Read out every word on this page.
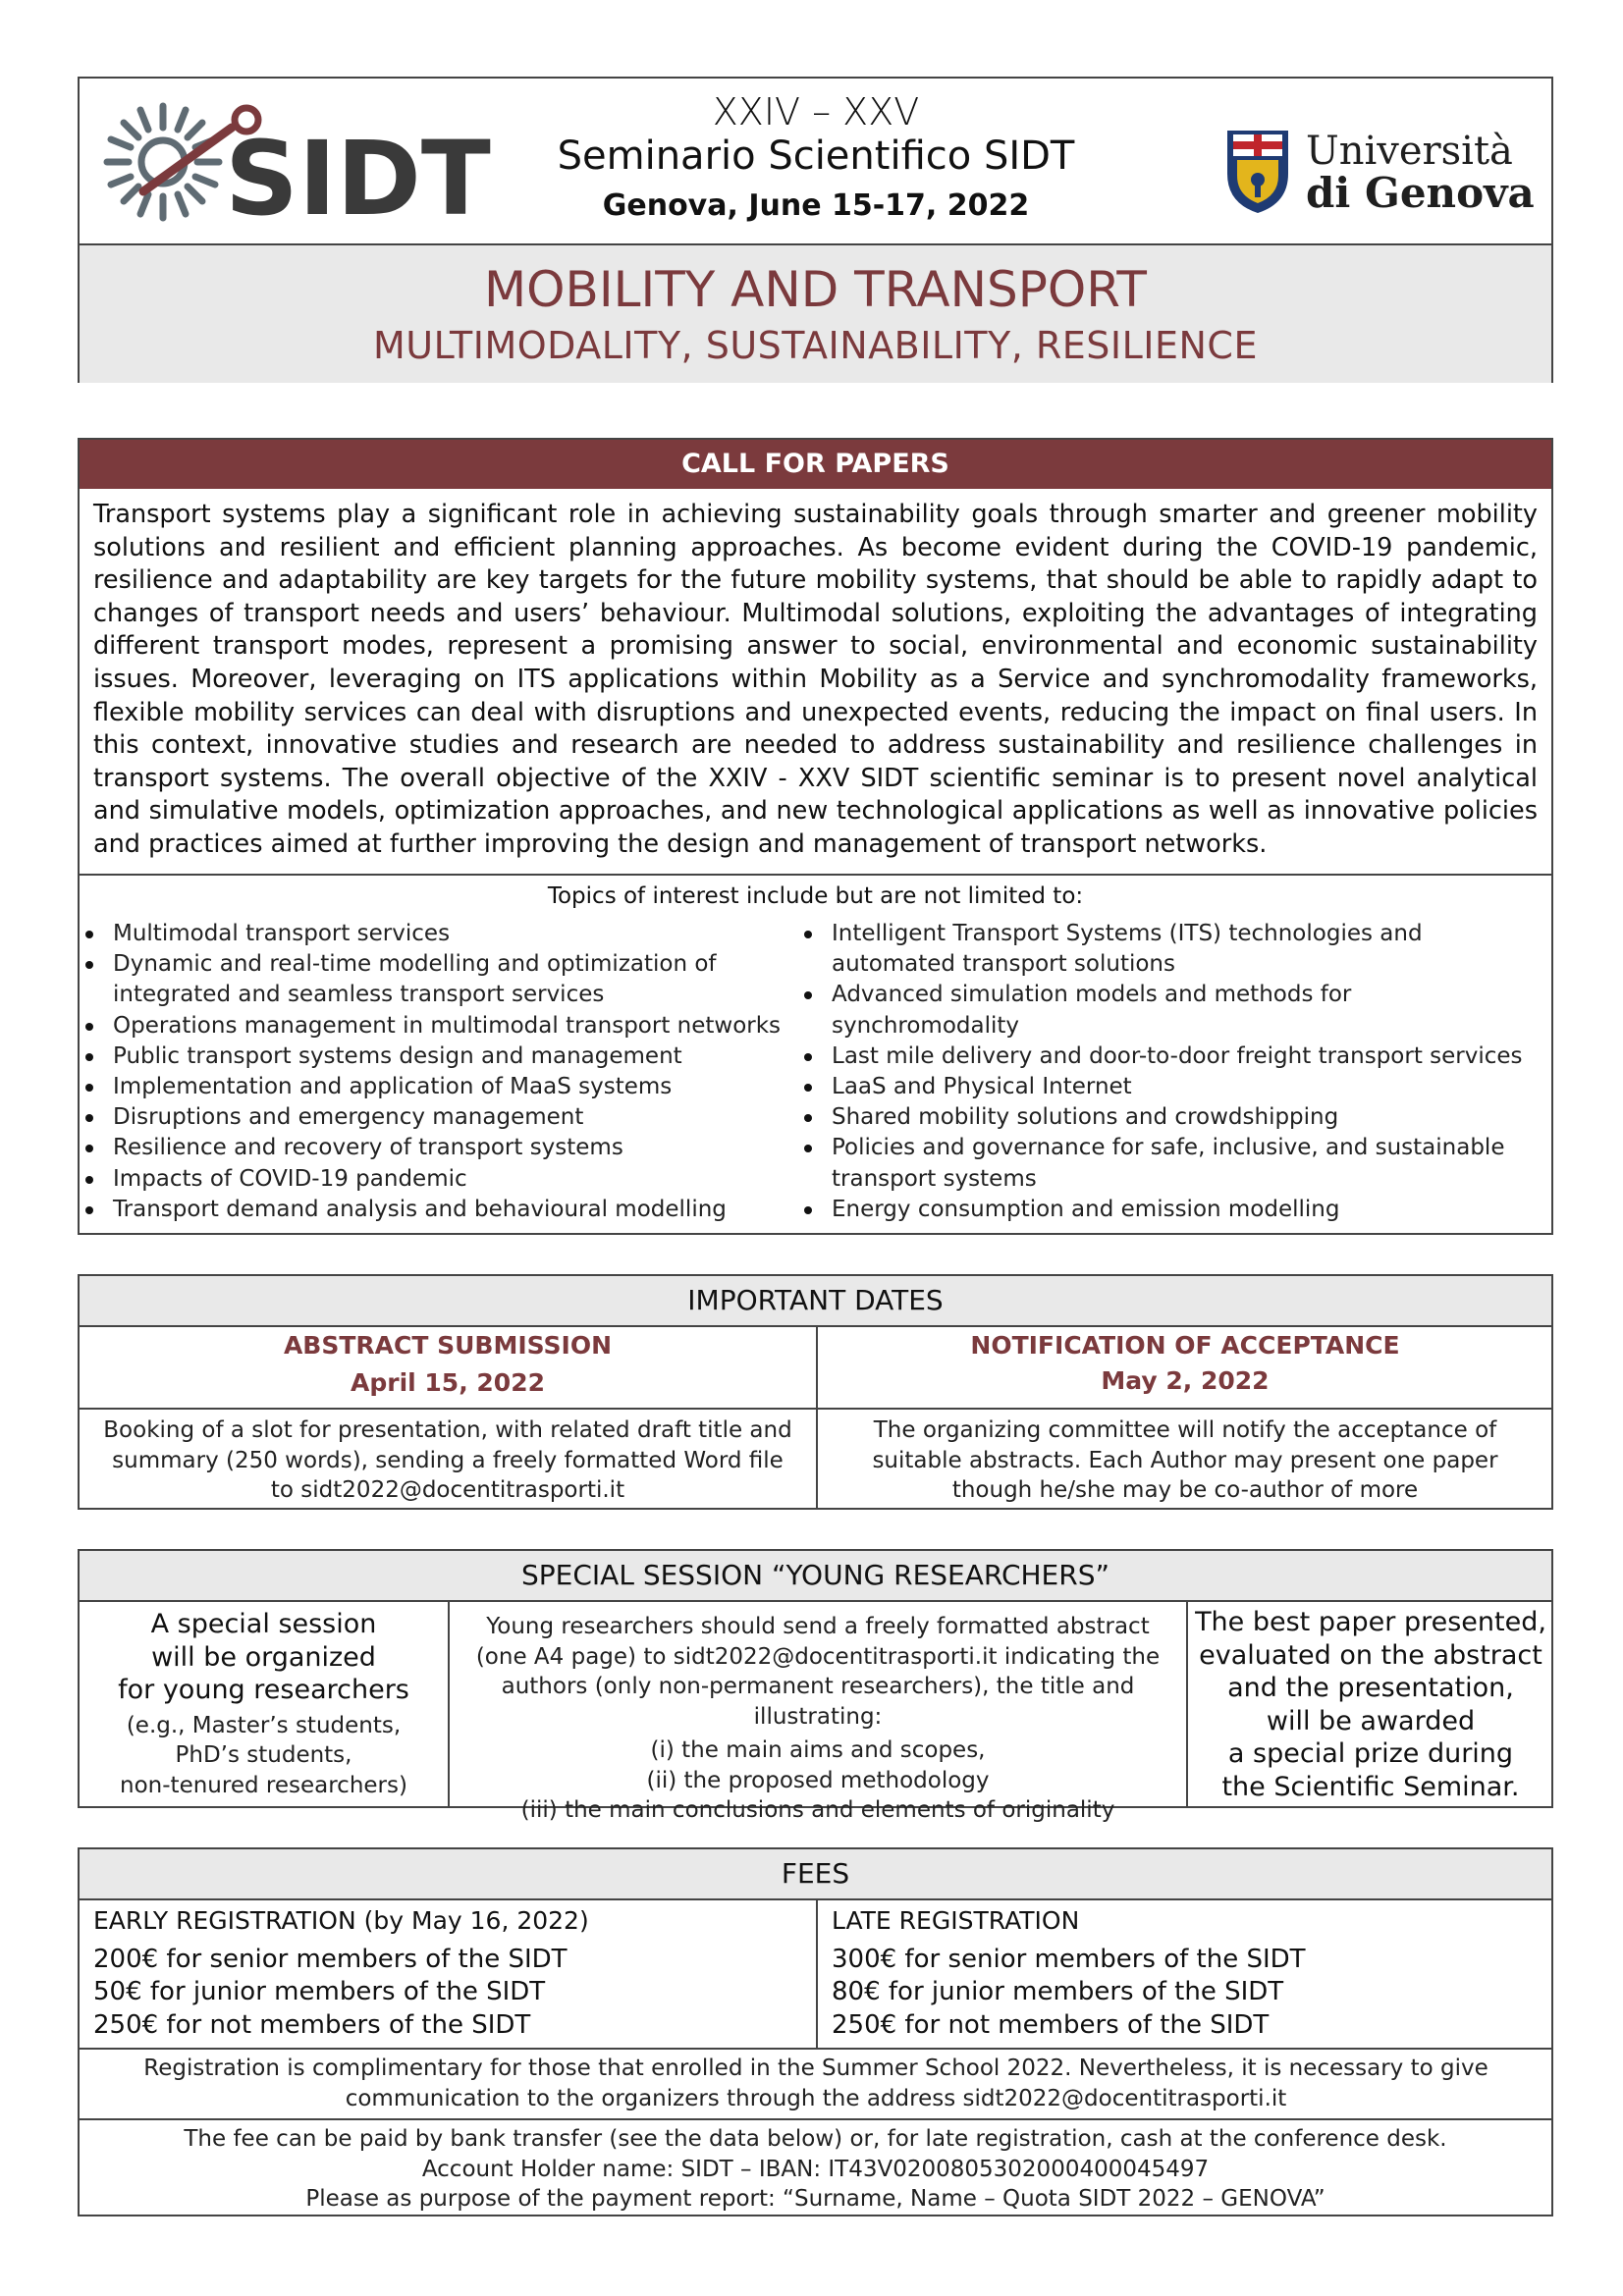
SIDT
XXIV – XXV
Seminario Scientifico SIDT
Genova, June 15-17, 2022
Università
di Genova
MOBILITY AND TRANSPORT
MULTIMODALITY, SUSTAINABILITY, RESILIENCE
CALL FOR PAPERS
Transport systems play a significant role in achieving sustainability goals through smarter and greener mobility solutions and resilient and efficient planning approaches. As become evident during the COVID-19 pandemic, resilience and adaptability are key targets for the future mobility systems, that should be able to rapidly adapt to changes of transport needs and users’ behaviour. Multimodal solutions, exploiting the advantages of integrating different transport modes, represent a promising answer to social, environmental and economic sustainability issues. Moreover, leveraging on ITS applications within Mobility as a Service and synchromodality frameworks, flexible mobility services can deal with disruptions and unexpected events, reducing the impact on final users. In this context, innovative studies and research are needed to address sustainability and resilience challenges in transport systems. The overall objective of the XXIV - XXV SIDT scientific seminar is to present novel analytical and simulative models, optimization approaches, and new technological applications as well as innovative policies and practices aimed at further improving the design and management of transport networks.
Topics of interest include but are not limited to:
Multimodal transport services
Dynamic and real-time modelling and optimization of integrated and seamless transport services
Operations management in multimodal transport networks
Public transport systems design and management
Implementation and application of MaaS systems
Disruptions and emergency management
Resilience and recovery of transport systems
Impacts of COVID-19 pandemic
Transport demand analysis and behavioural modelling
Intelligent Transport Systems (ITS) technologies and automated transport solutions
Advanced simulation models and methods for synchromodality
Last mile delivery and door-to-door freight transport services
LaaS and Physical Internet
Shared mobility solutions and crowdshipping
Policies and governance for safe, inclusive, and sustainable transport systems
Energy consumption and emission modelling
IMPORTANT DATES
ABSTRACT SUBMISSION
April 15, 2022
Booking of a slot for presentation, with related draft title and summary (250 words), sending a freely formatted Word file to sidt2022@docentitrasporti.it
NOTIFICATION OF ACCEPTANCE
May 2, 2022
The organizing committee will notify the acceptance of suitable abstracts. Each Author may present one paper though he/she may be co-author of more
SPECIAL SESSION “YOUNG RESEARCHERS”
A special session
will be organized
for young researchers
(e.g., Master’s students,
PhD’s students,
non-tenured researchers)
Young researchers should send a freely formatted abstract (one A4 page) to sidt2022@docentitrasporti.it indicating the authors (only non-permanent researchers), the title and illustrating:
(i) the main aims and scopes,
(ii) the proposed methodology
(iii) the main conclusions and elements of originality
The best paper presented,
evaluated on the abstract
and the presentation,
will be awarded
a special prize during
the Scientific Seminar.
FEES
EARLY REGISTRATION (by May 16, 2022)
200€ for senior members of the SIDT
50€ for junior members of the SIDT
250€ for not members of the SIDT
LATE REGISTRATION
300€ for senior members of the SIDT
80€ for junior members of the SIDT
250€ for not members of the SIDT
Registration is complimentary for those that enrolled in the Summer School 2022. Nevertheless, it is necessary to give communication to the organizers through the address sidt2022@docentitrasporti.it
The fee can be paid by bank transfer (see the data below) or, for late registration, cash at the conference desk.
Account Holder name: SIDT – IBAN: IT43V0200805302000400045497
Please as purpose of the payment report: “Surname, Name – Quota SIDT 2022 – GENOVA”
